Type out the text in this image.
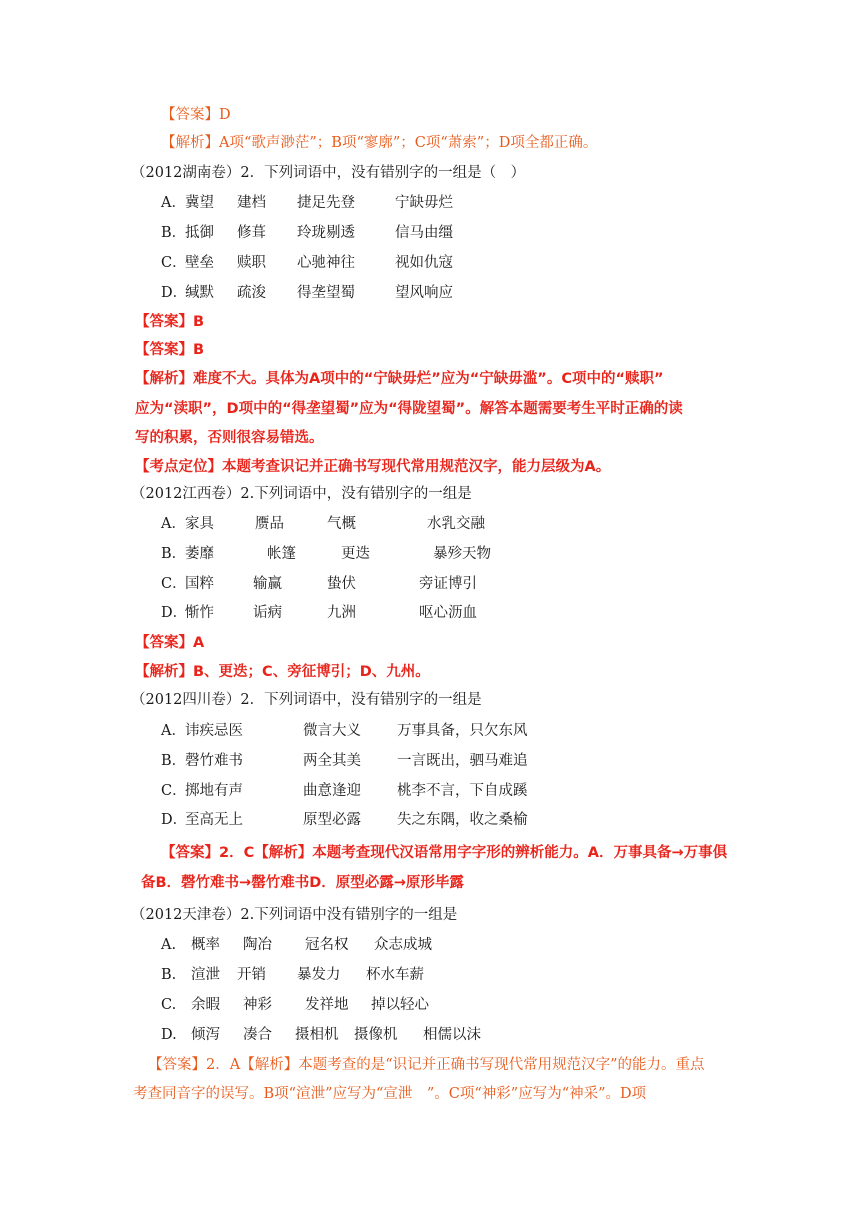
【答案】D
【解析】A项“歌声渺茫”；B项“寥廓”；C项“萧索”；D项全都正确。
（2012湖南卷）2．下列词语中，没有错别字的一组是（　）
A． 冀望 建档 捷足先登	宁缺毋烂
B．
抵御 修葺 玲珑剔透	信马由缰
C．
壁垒 赎职 心驰神往	视如仇寇
D．
缄默 疏浚 得垄望蜀	望风响应
【答案】B
【答案】B
【解析】难度不大。具体为A项中的“宁缺毋烂”应为“宁缺毋滥”。C项中的“赎职”
应为“渎职”，D项中的“得垄望蜀”应为“得陇望蜀”。解答本题需要考生平时正确的读
写的积累，否则很容易错选。
【考点定位】本题考查识记并正确书写现代常用规范汉字，能力层级为A。
（2012江西卷）2.下列词语中，没有错别字的一组是
A． 家具	赝品	气概	水乳交融
B．
萎靡	帐篷	更迭	暴殄天物
C．
国粹	输赢	蛰伏	旁证博引
D．
惭怍	诟病	九洲	呕心沥血
【答案】A
【解析】B、更迭；C、旁征博引；D、九州。
（2012四川卷）2．下列词语中，没有错别字的一组是
A． 讳疾忌医	微言大义 万事具备，只欠东风
B．
磬竹难书	两全其美 一言既出，驷马难追
C．
掷地有声	曲意逢迎 桃李不言，下自成蹊
D．
至高无上	原型必露 失之东隅，收之桑榆
【答案】2．C【解析】本题考查现代汉语常用字字形的辨析能力。A．万事具备→万事俱
备B．磬竹难书→罄竹难书D．原型必露→原形毕露
（2012天津卷）2.下列词语中没有错别字的一组是
A. 概率 陶冶 冠名权 众志成城
B. 渲泄 开销 暴发力 杯水车薪
C. 余暇 神彩 发祥地 掉以轻心
D. 倾泻 凑合 摄相机 摄像机 相儒以沫
【答案】2．A【解析】本题考查的是“识记并正确书写现代常用规范汉字”的能力。重点
考查同音字的误写。B项“渲泄”应写为“宣泄　”。C项“神彩”应写为“神采”。D项
